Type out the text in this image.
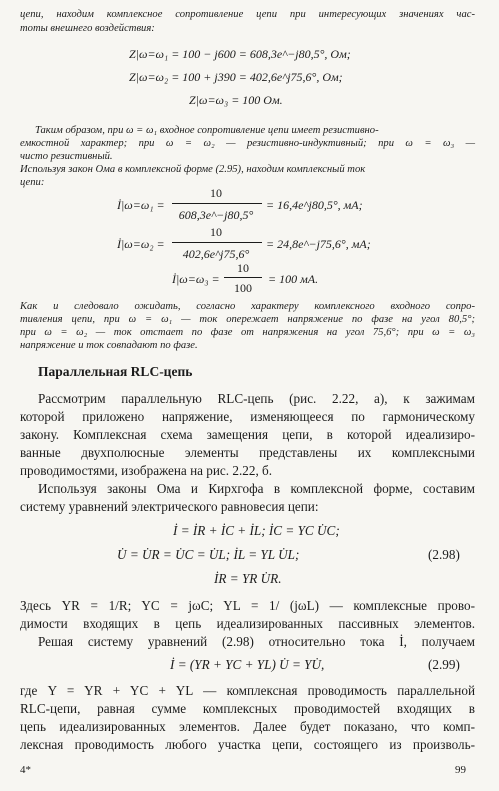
цепи, находим комплексное сопротивление цепи при интересующих значениях час-
тоты внешнего воздействия:
Z|ω=ω₁ = 100 − j600 = 608,3e^−j80,5°, Ом;
Z|ω=ω₂ = 100 + j390 = 402,6e^j75,6°, Ом;
Z|ω=ω₃ = 100 Ом.
Таким образом, при ω = ω₁ входное сопротивление цепи имеет резистивно-
емкостной характер; при ω = ω₂ — резистивно-индуктивный; при ω = ω₃ —
чисто резистивный.
Используя закон Ома в комплексной форме (2.95), находим комплексный ток
цепи:
İ|ω=ω₁ =
10
608,3e^−j80,5°
= 16,4e^j80,5°, мА;
İ|ω=ω₂ =
10
402,6e^j75,6°
= 24,8e^−j75,6°, мА;
İ|ω=ω₃ =
10
100
= 100 мА.
Как и следовало ожидать, согласно характеру комплексного входного сопро-
тивления цепи, при ω = ω₁ — ток опережает напряжение по фазе на угол 80,5°;
при ω = ω₂ — ток отстает по фазе от напряжения на угол 75,6°; при ω = ω₃
напряжение и ток совпадают по фазе.
Параллельная RLC-цепь
Рассмотрим параллельную RLC-цепь (рис. 2.22, а), к зажимам
которой приложено напряжение, изменяющееся по гармоническому
закону. Комплексная схема замещения цепи, в которой идеализиро-
ванные двухполюсные элементы представлены их комплексными
проводимостями, изображена на рис. 2.22, б.
Используя законы Ома и Кирхгофа в комплексной форме, составим
систему уравнений электрического равновесия цепи:
İ = İR + İC + İL; İC = YC U̇C;
U̇ = U̇R = U̇C = U̇L; İL = YL U̇L;	(2.98)
İR = YR U̇R.
Здесь YR = 1/R; YC = jωC; YL = 1/ (jωL) — комплексные прово-
димости входящих в цепь идеализированных пассивных элементов.
Решая систему уравнений (2.98) относительно тока İ, получаем
İ = (YR + YC + YL) U̇ = YU̇,	(2.99)
где Y = YR + YC + YL — комплексная проводимость параллельной
RLC-цепи, равная сумме комплексных проводимостей входящих в
цепь идеализированных элементов. Далее будет показано, что комп-
лексная проводимость любого участка цепи, состоящего из произволь-
4*	99
